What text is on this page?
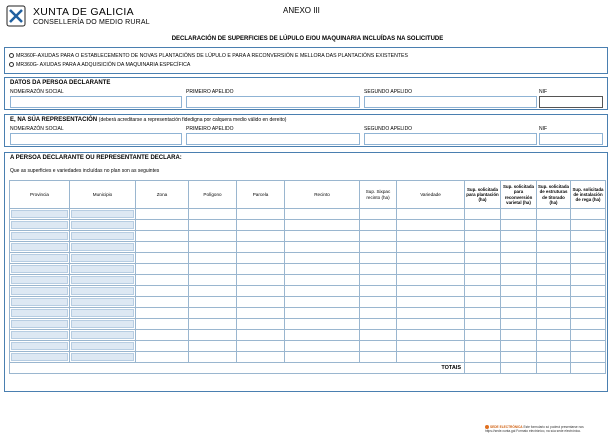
XUNTA DE GALICIA
CONSELLERÍA DO MEDIO RURAL
ANEXO III
DECLARACIÓN DE SUPERFICIES DE LÚPULO E/OU MAQUINARIA INCLUÍDAS NA SOLICITUDE
MR360F-AXUDAS PARA O ESTABLECEMENTO DE NOVAS PLANTACIÓNS DE LÚPULO E PARA A RECONVERSIÓN E MELLORA DAS PLANTACIÓNS EXISTENTES
MR360G- AXUDAS PARA A ADQUISICIÓN DA MAQUINARIA ESPECÍFICA
DATOS DA PERSOA DECLARANTE
NOME/RAZÓN SOCIAL	PRIMEIRO APELIDO	SEGUNDO APELIDO	NIF
E, NA SÚA REPRESENTACIÓN (deberá acreditarse a representación fidedigna por calquera medio válido en dereito)
NOME/RAZÓN SOCIAL	PRIMEIRO APELIDO	SEGUNDO APELIDO	NIF
A PERSOA DECLARANTE OU REPRESENTANTE DECLARA:
Que as superficies e variedades incluídas no plan son as seguintes
Provincia	Municipio	Zona	Polígono	Parcela	Recinto	Sup. Sixpac recinto (ha)	Variedade	Sup. solicitada para plantación (ha)	Sup. solicitada para reconversión varietal (ha)	Sup. solicitada de estruturas de titorado (ha)	Sup. solicitada de instalación de rega (ha)

TOTAIS											
SEDE ELECTRÓNICA Este formulario só poderá presentarse nos
https://sede.xunta.gal Formato electrónico, na súa sede electrónica.
